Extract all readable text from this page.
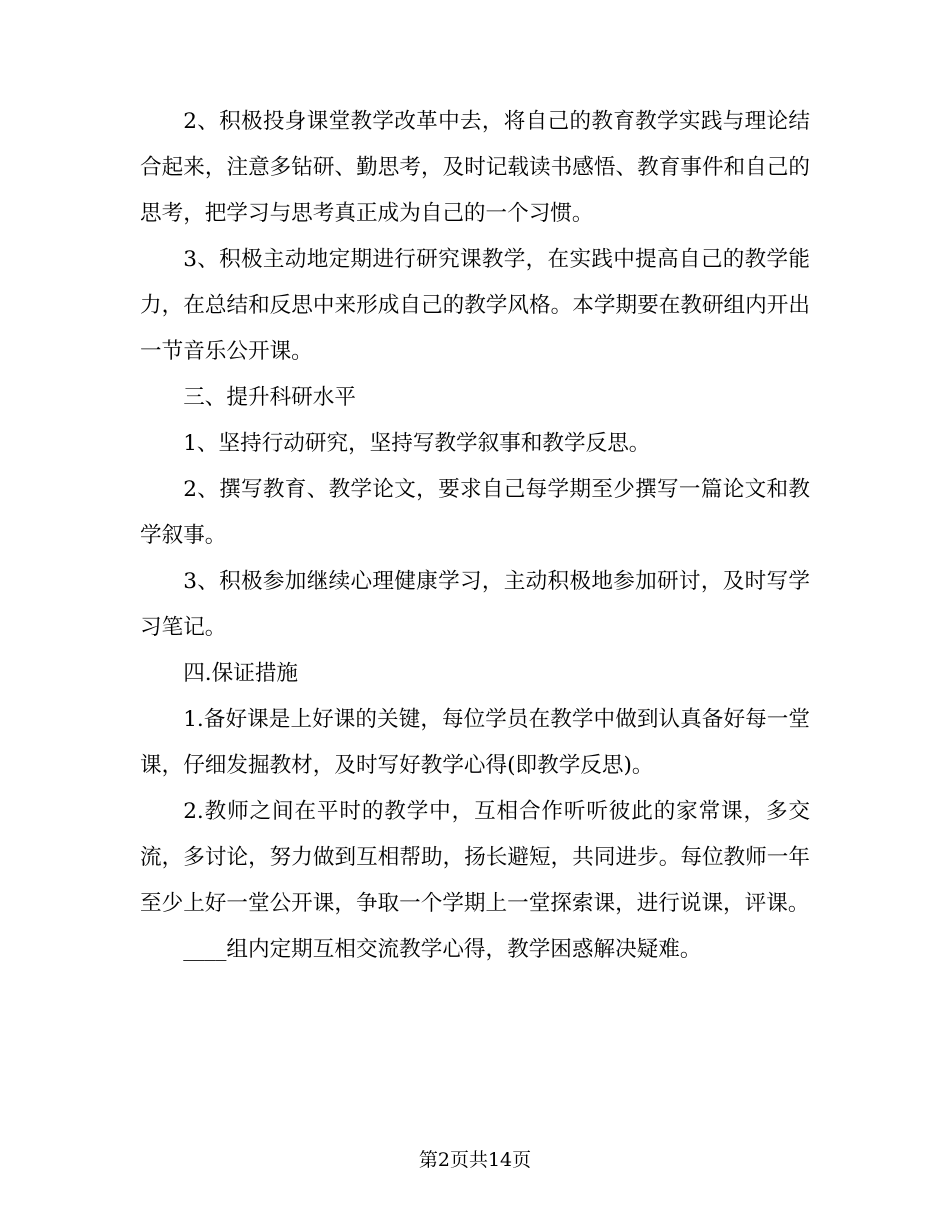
2、积极投身课堂教学改革中去，将自己的教育教学实践与理论结合起来，注意多钻研、勤思考，及时记载读书感悟、教育事件和自己的思考，把学习与思考真正成为自己的一个习惯。

3、积极主动地定期进行研究课教学，在实践中提高自己的教学能力，在总结和反思中来形成自己的教学风格。本学期要在教研组内开出一节音乐公开课。

三、提升科研水平

1、坚持行动研究，坚持写教学叙事和教学反思。

2、撰写教育、教学论文，要求自己每学期至少撰写一篇论文和教学叙事。

3、积极参加继续心理健康学习，主动积极地参加研讨，及时写学习笔记。

四.保证措施

1.备好课是上好课的关键，每位学员在教学中做到认真备好每一堂课，仔细发掘教材，及时写好教学心得(即教学反思)。

2.教师之间在平时的教学中，互相合作听听彼此的家常课，多交流，多讨论，努力做到互相帮助，扬长避短，共同进步。每位教师一年至少上好一堂公开课，争取一个学期上一堂探索课，进行说课，评课。

____组内定期互相交流教学心得，教学困惑解决疑难。

第2页共14页
